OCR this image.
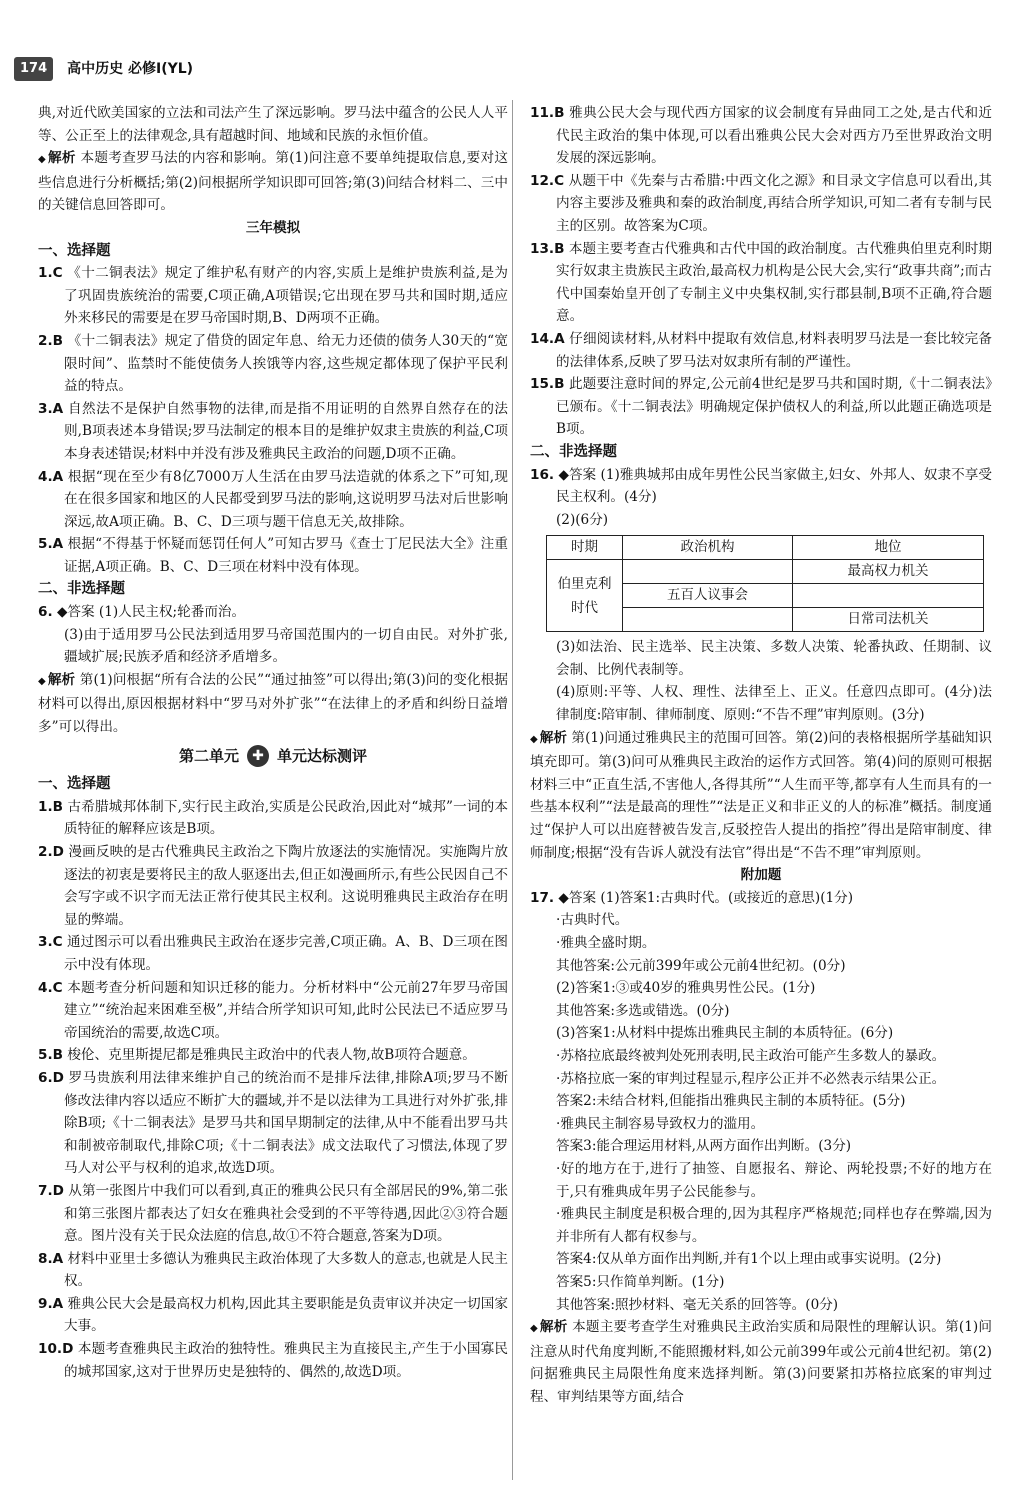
174	高中历史 必修Ⅰ(YL)

典,对近代欧美国家的立法和司法产生了深远影响。罗马法中蕴含的公民人人平等、公正至上的法律观念,具有超越时间、地域和民族的永恒价值。

◆ 解析 本题考查罗马法的内容和影响。第(1)问注意不要单纯提取信息,要对这些信息进行分析概括;第(2)问根据所学知识即可回答;第(3)问结合材料二、三中的关键信息回答即可。

三年模拟
一、选择题

1.C 《十二铜表法》规定了维护私有财产的内容,实质上是维护贵族利益,是为了巩固贵族统治的需要,C项正确,A项错误;它出现在罗马共和国时期,适应外来移民的需要是在罗马帝国时期,B、D两项不正确。

2.B 《十二铜表法》规定了借贷的固定年息、给无力还债的债务人30天的“宽限时间”、监禁时不能使债务人挨饿等内容,这些规定都体现了保护平民利益的特点。

3.A 自然法不是保护自然事物的法律,而是指不用证明的自然界自然存在的法则,B项表述本身错误;罗马法制定的根本目的是维护奴隶主贵族的利益,C项本身表述错误;材料中并没有涉及雅典民主政治的问题,D项不正确。

4.A 根据“现在至少有8亿7000万人生活在由罗马法造就的体系之下”可知,现在在很多国家和地区的人民都受到罗马法的影响,这说明罗马法对后世影响深远,故A项正确。B、C、D三项与题干信息无关,故排除。

5.A 根据“不得基于怀疑而惩罚任何人”可知古罗马《查士丁尼民法大全》注重证据,A项正确。B、C、D三项在材料中没有体现。

二、非选择题

6. ◆答案 (1)人民主权;轮番而治。

(3)由于适用罗马公民法到适用罗马帝国范围内的一切自由民。对外扩张,疆域扩展;民族矛盾和经济矛盾增多。

◆ 解析 第(1)问根据“所有合法的公民”“通过抽签”可以得出;第(3)问的变化根据材料可以得出,原因根据材料中“罗马对外扩张”“在法律上的矛盾和纠纷日益增多”可以得出。

第二单元 ✚ 单元达标测评
一、选择题

1.B 古希腊城邦体制下,实行民主政治,实质是公民政治,因此对“城邦”一词的本质特征的解释应该是B项。

2.D 漫画反映的是古代雅典民主政治之下陶片放逐法的实施情况。实施陶片放逐法的初衷是要将民主的敌人驱逐出去,但正如漫画所示,有些公民因自己不会写字或不识字而无法正常行使其民主权利。这说明雅典民主政治存在明显的弊端。

3.C 通过图示可以看出雅典民主政治在逐步完善,C项正确。A、B、D三项在图示中没有体现。

4.C 本题考查分析问题和知识迁移的能力。分析材料中“公元前27年罗马帝国建立”“统治起来困难至极”,并结合所学知识可知,此时公民法已不适应罗马帝国统治的需要,故选C项。

5.B 梭伦、克里斯提尼都是雅典民主政治中的代表人物,故B项符合题意。

6.D 罗马贵族利用法律来维护自己的统治而不是排斥法律,排除A项;罗马不断修改法律内容以适应不断扩大的疆域,并不是以法律为工具进行对外扩张,排除B项;《十二铜表法》是罗马共和国早期制定的法律,从中不能看出罗马共和制被帝制取代,排除C项;《十二铜表法》成文法取代了习惯法,体现了罗马人对公平与权利的追求,故选D项。

7.D 从第一张图片中我们可以看到,真正的雅典公民只有全部居民的9%,第二张和第三张图片都表达了妇女在雅典社会受到的不平等待遇,因此②③符合题意。图片没有关于民众法庭的信息,故①不符合题意,答案为D项。

8.A 材料中亚里士多德认为雅典民主政治体现了大多数人的意志,也就是人民主权。

9.A 雅典公民大会是最高权力机构,因此其主要职能是负责审议并决定一切国家大事。

10.D 本题考查雅典民主政治的独特性。雅典民主为直接民主,产生于小国寡民的城邦国家,这对于世界历史是独特的、偶然的,故选D项。

11.B 雅典公民大会与现代西方国家的议会制度有异曲同工之处,是古代和近代民主政治的集中体现,可以看出雅典公民大会对西方乃至世界政治文明发展的深远影响。

12.C 从题干中《先秦与古希腊:中西文化之源》和目录文字信息可以看出,其内容主要涉及雅典和秦的政治制度,再结合所学知识,可知二者有专制与民主的区别。故答案为C项。

13.B 本题主要考查古代雅典和古代中国的政治制度。古代雅典伯里克利时期实行奴隶主贵族民主政治,最高权力机构是公民大会,实行“政事共商”;而古代中国秦始皇开创了专制主义中央集权制,实行郡县制,B项不正确,符合题意。

14.A 仔细阅读材料,从材料中提取有效信息,材料表明罗马法是一套比较完备的法律体系,反映了罗马法对奴隶所有制的严谨性。

15.B 此题要注意时间的界定,公元前4世纪是罗马共和国时期,《十二铜表法》已颁布。《十二铜表法》明确规定保护债权人的利益,所以此题正确选项是B项。

二、非选择题

16. ◆答案 (1)雅典城邦由成年男性公民当家做主,妇女、外邦人、奴隶不享受民主权利。(4分)

(2)(6分)

时期	政治机构	地位
伯里克利时代		最高权力机关
	五百人议事会	
		日常司法机关

(3)如法治、民主选举、民主决策、多数人决策、轮番执政、任期制、议会制、比例代表制等。

(4)原则:平等、人权、理性、法律至上、正义。任意四点即可。(4分)法律制度:陪审制、律师制度、原则:“不告不理”审判原则。(3分)

◆ 解析 第(1)问通过雅典民主的范围可回答。第(2)问的表格根据所学基础知识填充即可。第(3)问可从雅典民主政治的运作方式回答。第(4)问的原则可根据材料三中“正直生活,不害他人,各得其所”“人生而平等,都享有人生而具有的一些基本权利”“法是最高的理性”“法是正义和非正义的人的标准”概括。制度通过“保护人可以出庭替被告发言,反驳控告人提出的指控”得出是陪审制度、律师制度;根据“没有告诉人就没有法官”得出是“不告不理”审判原则。

附加题

17. ◆答案 (1)答案1:古典时代。(或接近的意思)(1分)

·古典时代。

·雅典全盛时期。

其他答案:公元前399年或公元前4世纪初。(0分)

(2)答案1:③或40岁的雅典男性公民。(1分)

其他答案:多选或错选。(0分)

(3)答案1:从材料中提炼出雅典民主制的本质特征。(6分)

·苏格拉底最终被判处死刑表明,民主政治可能产生多数人的暴政。

·苏格拉底一案的审判过程显示,程序公正并不必然表示结果公正。

答案2:未结合材料,但能指出雅典民主制的本质特征。(5分)

·雅典民主制容易导致权力的滥用。

答案3:能合理运用材料,从两方面作出判断。(3分)

·好的地方在于,进行了抽签、自愿报名、辩论、两轮投票;不好的地方在于,只有雅典成年男子公民能参与。

·雅典民主制度是积极合理的,因为其程序严格规范;同样也存在弊端,因为并非所有人都有权参与。

答案4:仅从单方面作出判断,并有1个以上理由或事实说明。(2分)

答案5:只作简单判断。(1分)

其他答案:照抄材料、毫无关系的回答等。(0分)

◆ 解析 本题主要考查学生对雅典民主政治实质和局限性的理解认识。第(1)问注意从时代角度判断,不能照搬材料,如公元前399年或公元前4世纪初。第(2)问据雅典民主局限性角度来选择判断。第(3)问要紧扣苏格拉底案的审判过程、审判结果等方面,结合
